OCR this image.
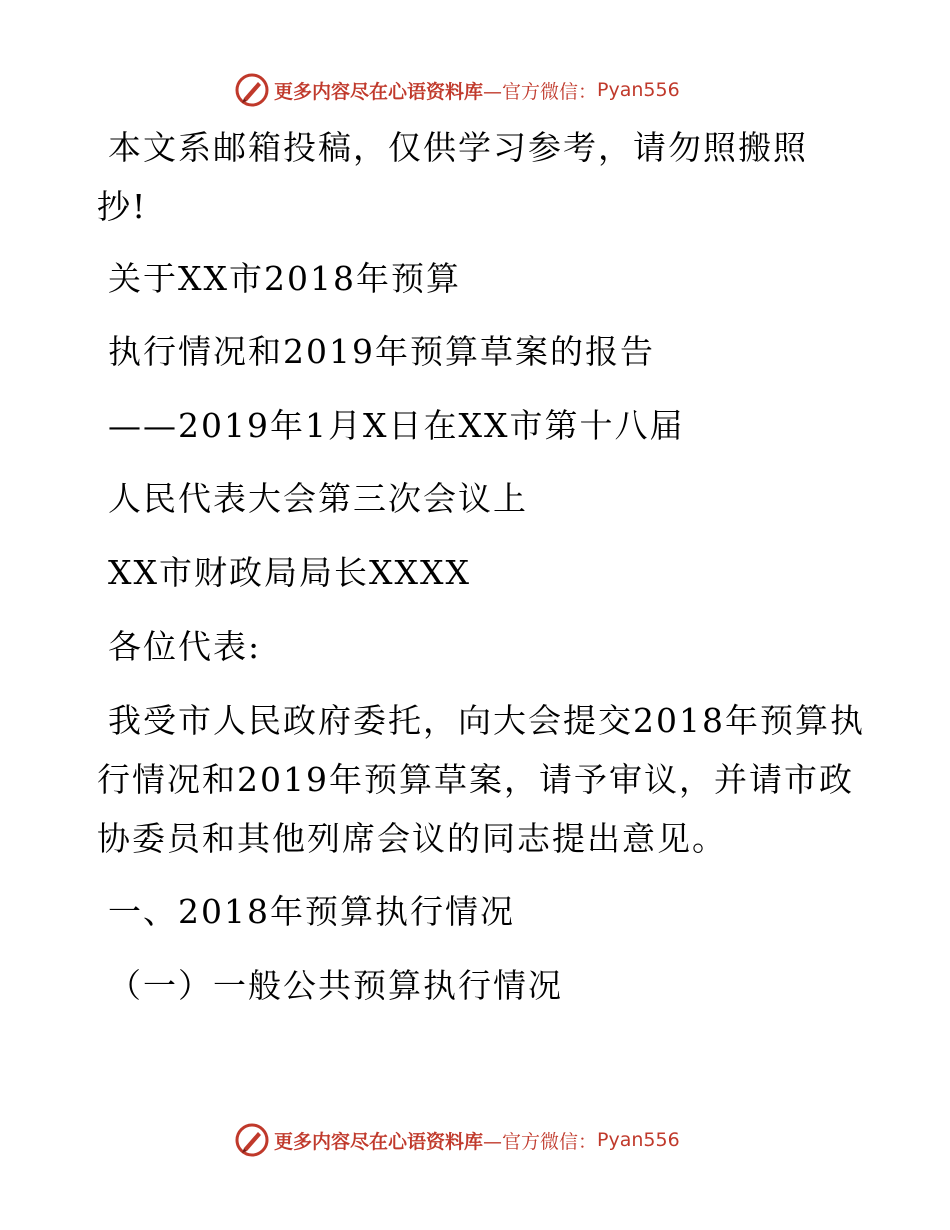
更多内容尽在心语资料库 —官方微信： Pyan556
本文系邮箱投稿，仅供学习参考，请勿照搬照
抄!
关于XX市2018年预算
执行情况和2019年预算草案的报告
——2019年1月X日在XX市第十八届
人民代表大会第三次会议上
XX市财政局局长XXXX
各位代表:
我受市人民政府委托，向大会提交2018年预算执
行情况和2019年预算草案，请予审议，并请市政
协委员和其他列席会议的同志提出意见。
一、2018年预算执行情况
（一）一般公共预算执行情况
更多内容尽在心语资料库 —官方微信： Pyan556
